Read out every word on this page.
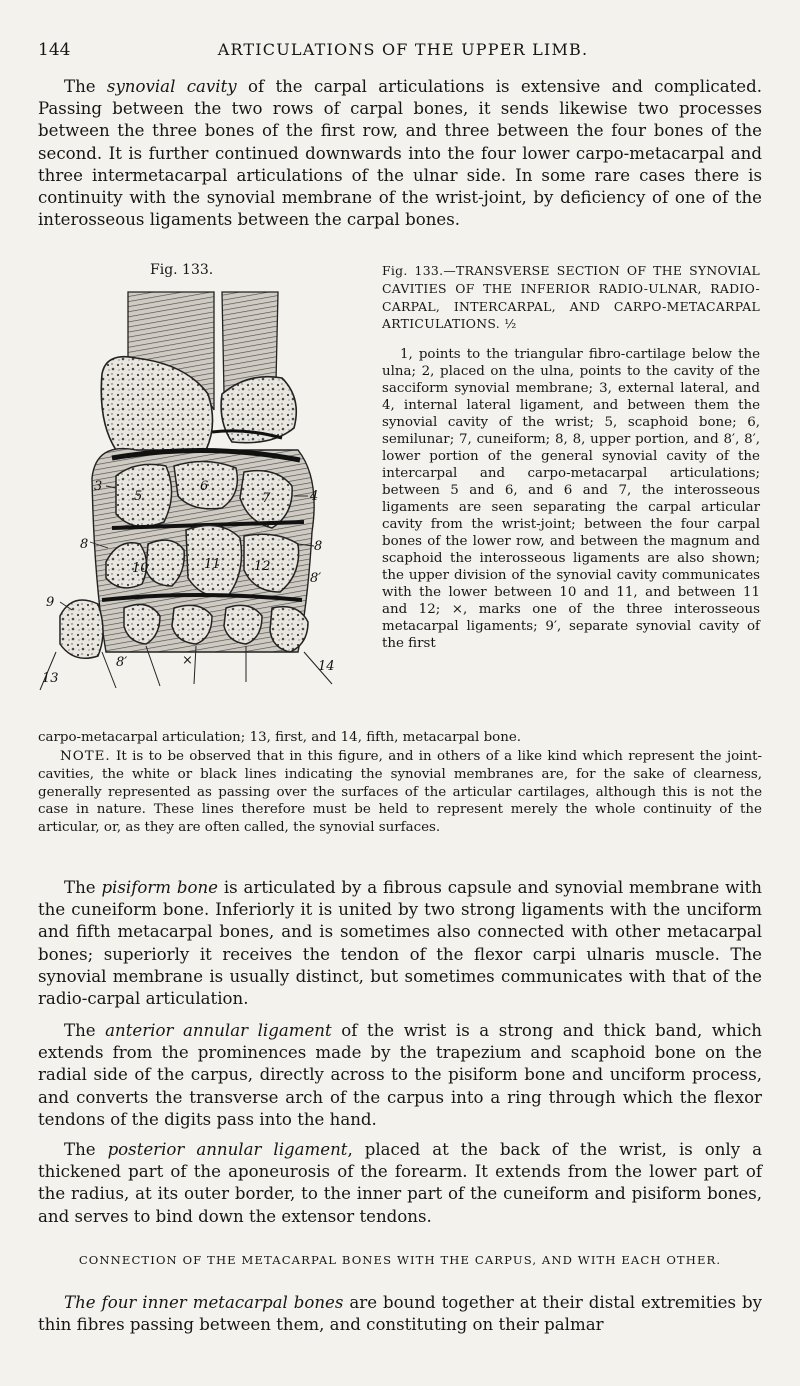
144	ARTICULATIONS OF THE UPPER LIMB.

The synovial cavity of the carpal articulations is extensive and complicated. Passing between the two rows of carpal bones, it sends likewise two processes between the three bones of the first row, and three between the four bones of the second. It is further continued downwards into the four lower carpo-metacarpal and three intermetacarpal articulations of the ulnar side. In some rare cases there is continuity with the synovial membrane of the wrist-joint, by deficiency of one of the interosseous ligaments between the carpal bones.

Fig. 133.
3
4
5
6
7
8	8
8′
8′
9
10	11	12
13
14
×
Fig. 133.—TRANSVERSE SECTION OF THE SYNOVIAL CAVITIES OF THE INFERIOR RADIO-ULNAR, RADIO-CARPAL, INTERCARPAL, AND CARPO-METACARPAL ARTICULATIONS. ½
1, points to the triangular fibro-cartilage below the ulna; 2, placed on the ulna, points to the cavity of the sacciform synovial membrane; 3, external lateral, and 4, internal lateral ligament, and between them the synovial cavity of the wrist; 5, scaphoid bone; 6, semilunar; 7, cuneiform; 8, 8, upper portion, and 8′, 8′, lower portion of the general synovial cavity of the intercarpal and carpo-metacarpal articulations; between 5 and 6, and 6 and 7, the interosseous ligaments are seen separating the carpal articular cavity from the wrist-joint; between the four carpal bones of the lower row, and between the magnum and scaphoid the interosseous ligaments are also shown; the upper division of the synovial cavity communicates with the lower between 10 and 11, and between 11 and 12; ×, marks one of the three interosseous metacarpal ligaments; 9′, separate synovial cavity of the first
carpo-metacarpal articulation; 13, first, and 14, fifth, metacarpal bone.

NOTE. It is to be observed that in this figure, and in others of a like kind which represent the joint-cavities, the white or black lines indicating the synovial membranes are, for the sake of clearness, generally represented as passing over the surfaces of the articular cartilages, although this is not the case in nature. These lines therefore must be held to represent merely the whole continuity of the articular, or, as they are often called, the synovial surfaces.

The pisiform bone is articulated by a fibrous capsule and synovial membrane with the cuneiform bone. Inferiorly it is united by two strong ligaments with the unciform and fifth metacarpal bones, and is sometimes also connected with other metacarpal bones; superiorly it receives the tendon of the flexor carpi ulnaris muscle. The synovial membrane is usually distinct, but sometimes communicates with that of the radio-carpal articulation.

The anterior annular ligament of the wrist is a strong and thick band, which extends from the prominences made by the trapezium and scaphoid bone on the radial side of the carpus, directly across to the pisiform bone and unciform process, and converts the transverse arch of the carpus into a ring through which the flexor tendons of the digits pass into the hand.

The posterior annular ligament, placed at the back of the wrist, is only a thickened part of the aponeurosis of the forearm. It extends from the lower part of the radius, at its outer border, to the inner part of the cuneiform and pisiform bones, and serves to bind down the extensor tendons.

CONNECTION OF THE METACARPAL BONES WITH THE CARPUS, AND WITH EACH OTHER.

The four inner metacarpal bones are bound together at their distal extremities by thin fibres passing between them, and constituting on their palmar
